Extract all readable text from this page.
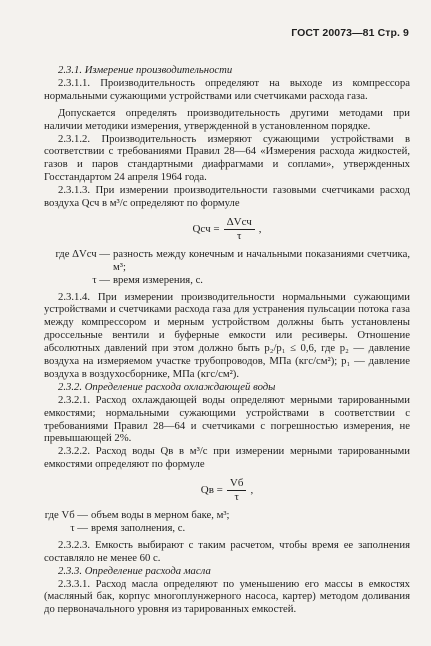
ГОСТ 20073—81 Стр. 9

2.3.1. Измерение производительности

2.3.1.1. Производительность определяют на выходе из компрессора нормальными сужающими устройствами или счетчиками расхода газа.

Допускается определять производительность другими методами при наличии методики измерения, утвержденной в установленном порядке.

2.3.1.2. Производительность измеряют сужающими устройствами в соответствии с требованиями Правил 28—64 «Измерения расхода жидкостей, газов и паров стандартными диафрагмами и соплами», утвержденных Госстандартом 24 апреля 1964 года.

2.3.1.3. При измерении производительности газовыми счетчиками расход воздуха Qсч в м³/с определяют по формуле

Qсч = $\frac{\text{ΔVсч}}{\tau}$ ,
где ΔVсч — разность между конечным и начальными показаниями счетчика, м³;
τ — время измерения, с.

2.3.1.4. При измерении производительности нормальными сужающими устройствами и счетчиками расхода газа для устранения пульсации потока газа между компрессором и мерным устройством должны быть установлены дроссельные вентили и буферные емкости или ресиверы. Отношение абсолютных давлений при этом должно быть p₂/p₁ ≤ 0,6, где p₂ — давление воздуха на измеряемом участке трубопроводов, МПа (кгс/см²); p₁ — давление воздуха в воздухосборнике, МПа (кгс/см²).

2.3.2. Определение расхода охлаждающей воды

2.3.2.1. Расход охлаждающей воды определяют мерными тарированными емкостями; нормальными сужающими устройствами в соответствии с требованиями Правил 28—64 и счетчиками с погрешностью измерения, не превышающей 2%.

2.3.2.2. Расход воды Qв в м³/с при измерении мерными тарированными емкостями определяют по формуле

Qв = $\frac{Vб}{\tau}$ ,
где Vб — объем воды в мерном баке, м³;
τ — время заполнения, с.

2.3.2.3. Емкость выбирают с таким расчетом, чтобы время ее заполнения составляло не менее 60 с.

2.3.3. Определение расхода масла

2.3.3.1. Расход масла определяют по уменьшению его массы в емкостях (масляный бак, корпус многоплунжерного насоса, картер) методом доливания до первоначального уровня из тарированных емкостей.
